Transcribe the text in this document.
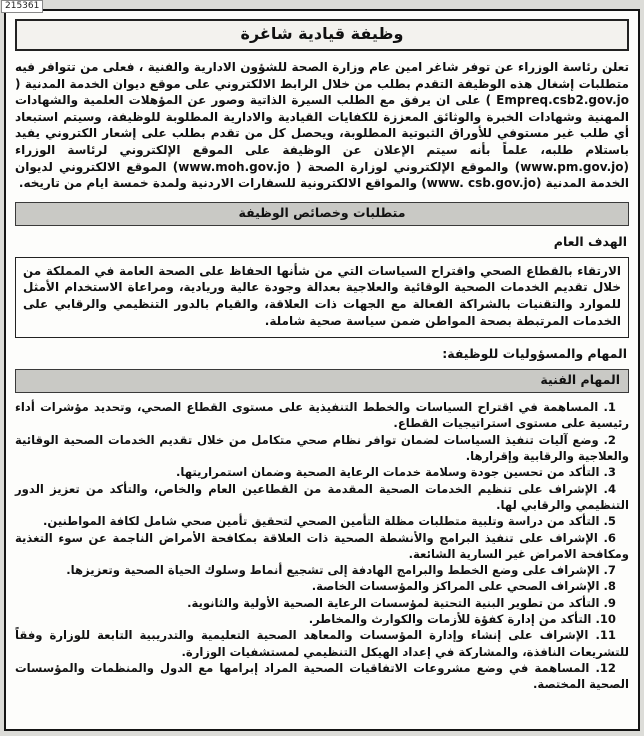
215361
وظيفة قيادية شاغرة

تعلن رئاسة الوزراء عن توفر شاغر امين عام وزارة الصحة للشؤون الادارية والفنية ، فعلى من تتوافر فيه متطلبات إشغال هذه الوظيفة التقدم بطلب من خلال الرابط الالكتروني على موقع ديوان الخدمة المدنية ( Empreq.csb2.gov.jo ) على ان يرفق مع الطلب السيرة الذاتية وصور عن المؤهلات العلمية والشهادات المهنية وشهادات الخبرة والوثائق المعززة للكفايات القيادية والادارية المطلوبة للوظيفة، وسيتم استبعاد أي طلب غير مستوفي للأوراق الثبوتية المطلوبة، ويحصل كل من تقدم بطلب على إشعار الكتروني يفيد باستلام طلبه، علماً بأنه سيتم الإعلان عن الوظيفة على الموقع الإلكتروني لرئاسة الوزراء (www.pm.gov.jo) والموقع الإلكتروني لوزارة الصحة ( www.moh.gov.jo) الموقع الالكتروني لديوان الخدمة المدنية (www. csb.gov.jo) والمواقع الالكترونية للسفارات الاردنية ولمدة خمسة ايام من تاريخه.

متطلبات وخصائص الوظيفة
الهدف العام
الارتقاء بالقطاع الصحي واقتراح السياسات التي من شأنها الحفاظ على الصحة العامة في المملكة من خلال تقديم الخدمات الصحية الوقائية والعلاجية بعدالة وجودة عالية وريادية، ومراعاة الاستخدام الأمثل للموارد والتقنيات بالشراكة الفعالة مع الجهات ذات العلاقة، والقيام بالدور التنظيمي والرقابي على الخدمات المرتبطة بصحة المواطن ضمن سياسة صحية شاملة.
المهام والمسؤوليات للوظيفة:
المهام الفنية
1. المساهمة في اقتراح السياسات والخطط التنفيذية على مستوى القطاع الصحي، وتحديد مؤشرات أداء رئيسية على مستوى استراتيجيات القطاع.
2. وضع آليات تنفيذ السياسات لضمان توافر نظام صحي متكامل من خلال تقديم الخدمات الصحية الوقائية والعلاجية والرقابية وإقرارها.
3. التأكد من تحسين جودة وسلامة خدمات الرعاية الصحية وضمان استمراريتها.
4. الإشراف على تنظيم الخدمات الصحية المقدمة من القطاعين العام والخاص، والتأكد من تعزيز الدور التنظيمي والرقابي لها.
5. التأكد من دراسة وتلبية متطلبات مظلة التأمين الصحي لتحقيق تأمين صحي شامل لكافة المواطنين.
6. الإشراف على تنفيذ البرامج والأنشطة الصحية ذات العلاقة بمكافحة الأمراض الناجمة عن سوء التغذية ومكافحة الامراض غير السارية الشائعة.
7. الإشراف على وضع الخطط والبرامج الهادفة إلى تشجيع أنماط وسلوك الحياة الصحية وتعزيزها.
8. الإشراف الصحي على المراكز والمؤسسات الخاصة.
9. التأكد من تطوير البنية التحتية لمؤسسات الرعاية الصحية الأولية والثانوية.
10. التأكد من إدارة كفؤة للأزمات والكوارث والمخاطر.
11. الإشراف على إنشاء وإدارة المؤسسات والمعاهد الصحية التعليمية والتدريبية التابعة للوزارة وفقاً للتشريعات النافذة، والمشاركة في إعداد الهيكل التنظيمي لمستشفيات الوزارة.
12. المساهمة في وضع مشروعات الاتفاقيات الصحية المراد إبرامها مع الدول والمنظمات والمؤسسات الصحية المختصة.
